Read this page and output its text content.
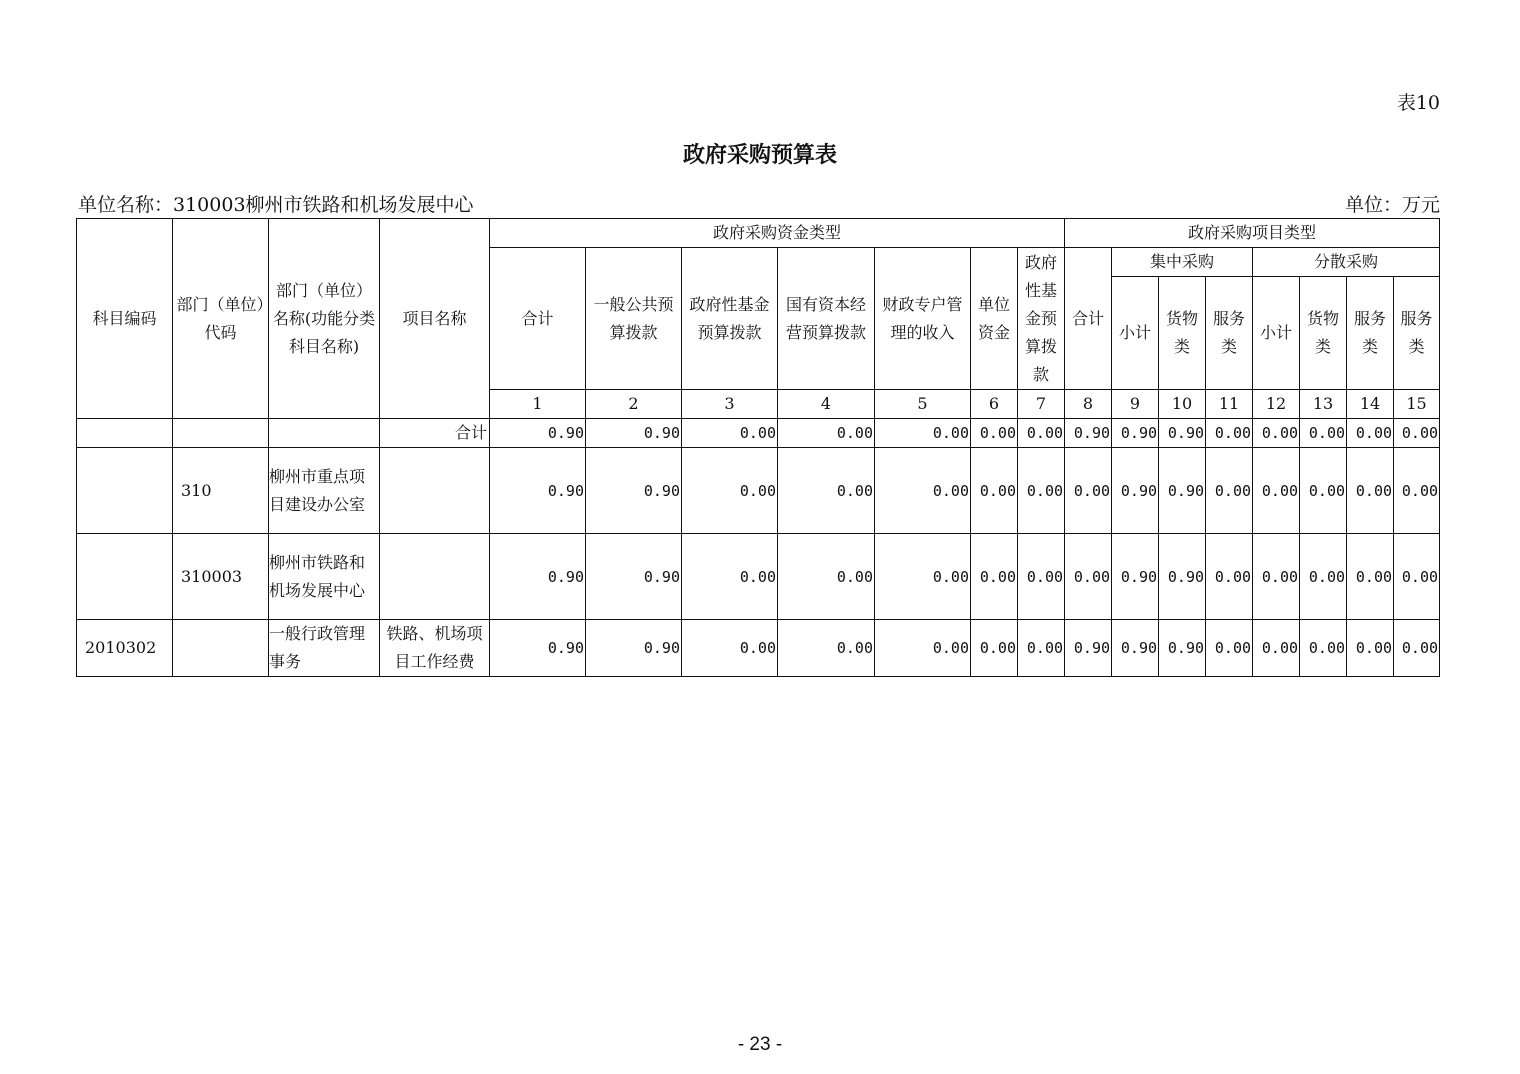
表10
政府采购预算表
单位名称：310003柳州市铁路和机场发展中心	单位：万元
科目编码	部门（单位）代码	部门（单位）名称(功能分类科目名称)	项目名称	政府采购资金类型							政府采购项目类型							
				合计	一般公共预算拨款	政府性基金预算拨款	国有资本经营预算拨款	财政专户管理的收入	单位资金	政府性基金预算拨款	合计	集中采购			分散采购			
												小计	货物类	服务类	小计	货物类	服务类	服务类
				1	2	3	4	5	6	7	8	9	10	11	12	13	14	15
			合计	0.90	0.90	0.00	0.00	0.00	0.00	0.00	0.90	0.90	0.90	0.00	0.00	0.00	0.00	0.00
	310	柳州市重点项目建设办公室		0.90	0.90	0.00	0.00	0.00	0.00	0.00	0.00	0.90	0.90	0.00	0.00	0.00	0.00	0.00
	310003	柳州市铁路和机场发展中心		0.90	0.90	0.00	0.00	0.00	0.00	0.00	0.00	0.90	0.90	0.00	0.00	0.00	0.00	0.00
2010302		一般行政管理事务	铁路、机场项目工作经费	0.90	0.90	0.00	0.00	0.00	0.00	0.00	0.90	0.90	0.90	0.00	0.00	0.00	0.00	0.00
- 23 -
